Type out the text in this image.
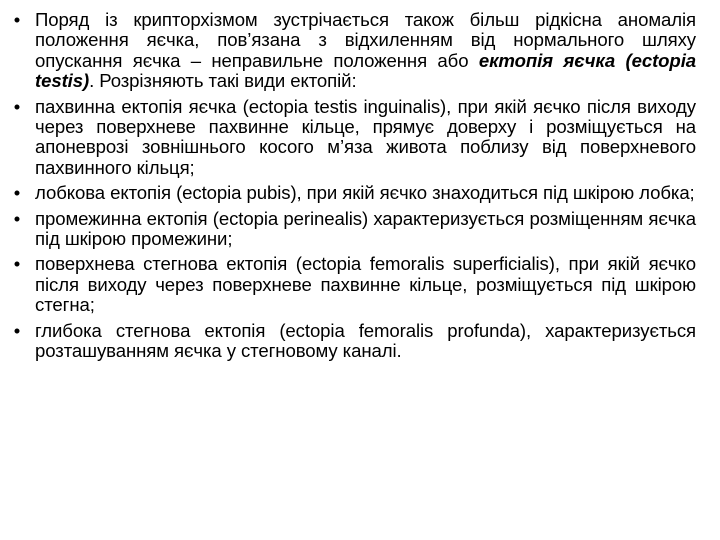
• Поряд із крипторхізмом зустрічається також більш рідкісна аномалія положення яєчка, пов’язана з відхиленням від нормального шляху опускання яєчка – неправильне положення або ектопія яєчка (ectopia testis). Розрізняють такі види ектопій:
• пахвинна ектопія яєчка (ectopia testis inguinalis), при якій яєчко після виходу через поверхневе пахвинне кільце, прямує доверху і розміщується на апоневрозі зовнішнього косого м’яза живота поблизу від поверхневого пахвинного кільця;
• лобкова ектопія (ectopia pubis), при якій яєчко знаходиться під шкірою лобка;
• промежинна ектопія (ectopia perinealis) характеризується розміщенням яєчка під шкірою промежини;
• поверхнева стегнова ектопія (ectopia femoralis superficialis), при якій яєчко після виходу через поверхневе пахвинне кільце, розміщується під шкірою стегна;
• глибока стегнова ектопія (ectopia femoralis profunda), характеризується розташуванням яєчка у стегновому каналі.
